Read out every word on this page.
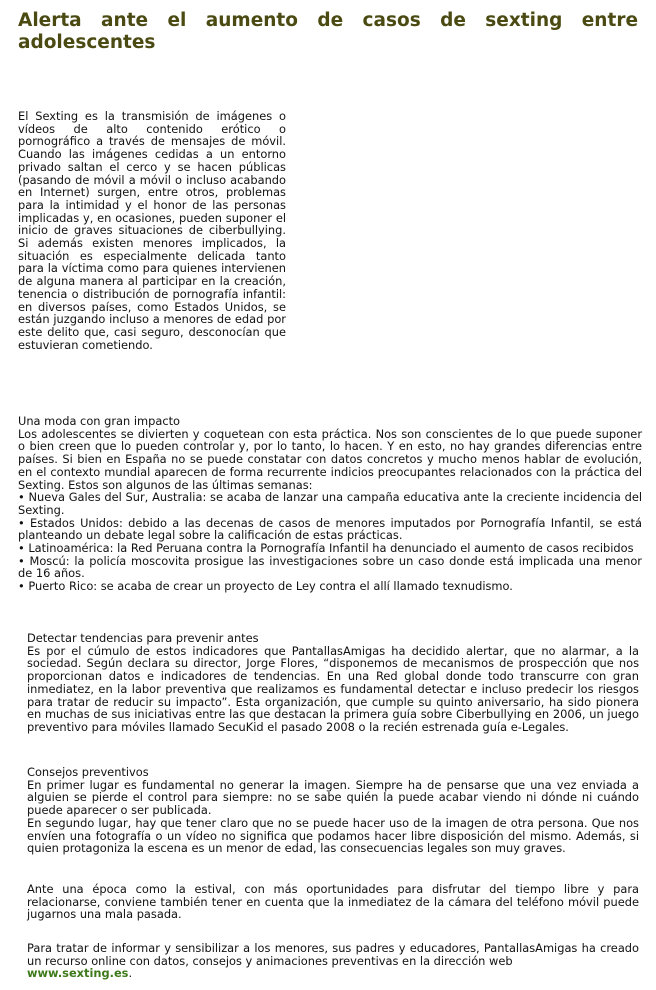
Alerta ante el aumento de casos de sexting entre adolescentes

El Sexting es la transmisión de imágenes o vídeos de alto contenido erótico o pornográfico a través de mensajes de móvil. Cuando las imágenes cedidas a un entorno privado saltan el cerco y se hacen públicas (pasando de móvil a móvil o incluso acabando en Internet) surgen, entre otros, problemas para la intimidad y el honor de las personas implicadas y, en ocasiones, pueden suponer el inicio de graves situaciones de ciberbullying. Si además existen menores implicados, la situación es especialmente delicada tanto para la víctima como para quienes intervienen de alguna manera al participar en la creación, tenencia o distribución de pornografía infantil: en diversos países, como Estados Unidos, se están juzgando incluso a menores de edad por este delito que, casi seguro, desconocían que estuvieran cometiendo.

Una moda con gran impacto

Los adolescentes se divierten y coquetean con esta práctica. Nos son conscientes de lo que puede suponer o bien creen que lo pueden controlar y, por lo tanto, lo hacen. Y en esto, no hay grandes diferencias entre países. Si bien en España no se puede constatar con datos concretos y mucho menos hablar de evolución, en el contexto mundial aparecen de forma recurrente indicios preocupantes relacionados con la práctica del Sexting. Estos son algunos de las últimas semanas:

• Nueva Gales del Sur, Australia: se acaba de lanzar una campaña educativa ante la creciente incidencia del Sexting.

• Estados Unidos: debido a las decenas de casos de menores imputados por Pornografía Infantil, se está planteando un debate legal sobre la calificación de estas prácticas.

• Latinoamérica: la Red Peruana contra la Pornografía Infantil ha denunciado el aumento de casos recibidos

• Moscú: la policía moscovita prosigue las investigaciones sobre un caso donde está implicada una menor de 16 años.

• Puerto Rico: se acaba de crear un proyecto de Ley contra el allí llamado texnudismo.

Detectar tendencias para prevenir antes

Es por el cúmulo de estos indicadores que PantallasAmigas ha decidido alertar, que no alarmar, a la sociedad. Según declara su director, Jorge Flores, “disponemos de mecanismos de prospección que nos proporcionan datos e indicadores de tendencias. En una Red global donde todo transcurre con gran inmediatez, en la labor preventiva que realizamos es fundamental detectar e incluso predecir los riesgos para tratar de reducir su impacto”. Esta organización, que cumple su quinto aniversario, ha sido pionera en muchas de sus iniciativas entre las que destacan la primera guía sobre Ciberbullying en 2006, un juego preventivo para móviles llamado SecuKid el pasado 2008 o la recién estrenada guía e-Legales.

Consejos preventivos

En primer lugar es fundamental no generar la imagen. Siempre ha de pensarse que una vez enviada a alguien se pierde el control para siempre: no se sabe quién la puede acabar viendo ni dónde ni cuándo puede aparecer o ser publicada.

En segundo lugar, hay que tener claro que no se puede hacer uso de la imagen de otra persona. Que nos envíen una fotografía o un vídeo no significa que podamos hacer libre disposición del mismo. Además, si quien protagoniza la escena es un menor de edad, las consecuencias legales son muy graves.

Ante una época como la estival, con más oportunidades para disfrutar del tiempo libre y para relacionarse, conviene también tener en cuenta que la inmediatez de la cámara del teléfono móvil puede jugarnos una mala pasada.

Para tratar de informar y sensibilizar a los menores, sus padres y educadores, PantallasAmigas ha creado un recurso online con datos, consejos y animaciones preventivas en la dirección web
www.sexting.es.
